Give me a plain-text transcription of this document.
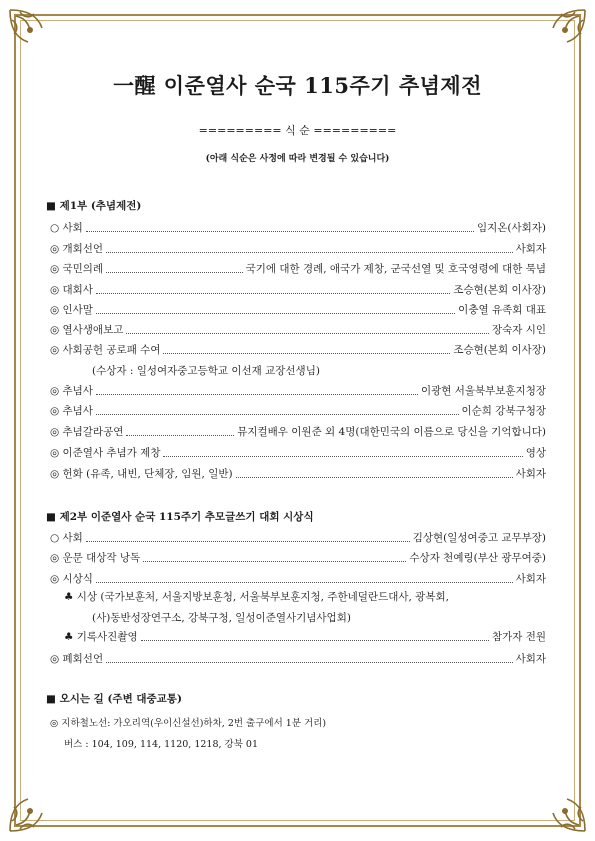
一醒 이준열사 순국 115주기 추념제전
========= 식 순 =========
(아래 식순은 사정에 따라 변경될 수 있습니다)
■ 제1부 (추념제전)
○ 사회	임지온(사회자)
◎ 개회선언	사회자
◎ 국민의례	국기에 대한 경례, 애국가 제창, 군국선열 및 호국영령에 대한 묵념
◎ 대회사	조승현(본회 이사장)
◎ 인사말	이충열 유족회 대표
◎ 열사생애보고	장숙자 시인
◎ 사회공헌 공로패 수여	조승현(본회 이사장)
◎ 추념사	이광현 서울북부보훈지청장
◎ 추념사	이순희 강북구청장
◎ 추념갈라공연	뮤지컬배우 이원준 외 4명(대한민국의 이름으로 당신을 기억합니다)
◎ 이준열사 추념가 제창	영상
◎ 헌화 (유족, 내빈, 단체장, 임원, 일반)	사회자
(수상자 : 일성여자중고등학교 이선재 교장선생님)
■ 제2부 이준열사 순국 115주기 추모글쓰기 대회 시상식
○ 사회	김상현(일성여중고 교무부장)
◎ 운문 대상작 낭독	수상자 천예링(부산 광무여중)
◎ 시상식	사회자
♣ 시상 (국가보훈처, 서울지방보훈청, 서울북부보훈지청, 주한네덜란드대사, 광복회,
(사)동반성장연구소, 강북구청, 일성이준열사기념사업회)
♣ 기록사진촬영	참가자 전원
◎ 폐회선언	사회자
■ 오시는 길 (주변 대중교통)
◎ 지하철노선: 가오리역(우이신설선)하차, 2번 출구에서 1분 거리)
버스 : 104, 109, 114, 1120, 1218, 강북 01
